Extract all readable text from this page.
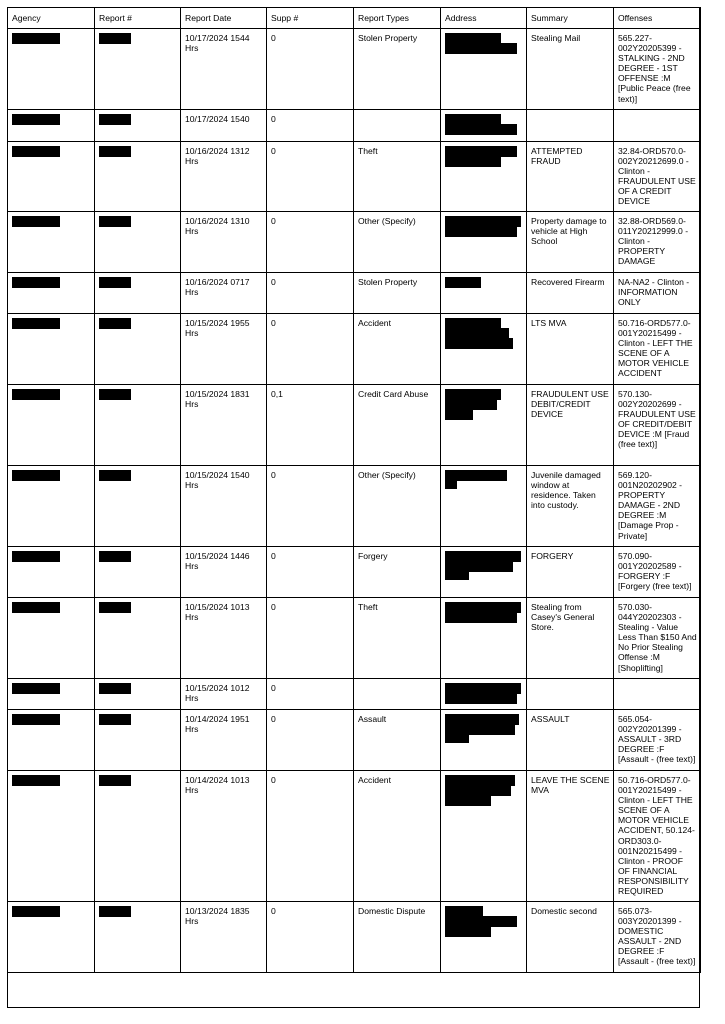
Agency	Report #	Report Date	Supp #	Report Types	Address	Summary	Offenses

	10/17/2024 1544 Hrs	0	Stolen Property		Stealing Mail	565.227-002Y20205399 - STALKING - 2ND DEGREE - 1ST OFFENSE :M [Public Peace (free text)]

	10/17/2024 1540	0		

	10/16/2024 1312 Hrs	0	Theft		ATTEMPTED FRAUD	32.84-ORD570.0-002Y20212699.0 - Clinton - FRAUDULENT USE OF A CREDIT DEVICE

	10/16/2024 1310 Hrs	0	Other (Specify)		Property damage to vehicle at High School	32.88-ORD569.0-011Y20212999.0 - Clinton - PROPERTY DAMAGE

	10/16/2024 0717 Hrs	0	Stolen Property		Recovered Firearm	NA-NA2 - Clinton - INFORMATION ONLY

	10/15/2024 1955 Hrs	0	Accident		LTS MVA	50.716-ORD577.0-001Y20215499 - Clinton - LEFT THE SCENE OF A MOTOR VEHICLE ACCIDENT

	10/15/2024 1831 Hrs	0,1	Credit Card Abuse		FRAUDULENT USE DEBIT/CREDIT DEVICE	570.130-002Y20202699 - FRAUDULENT USE OF CREDIT/DEBIT DEVICE :M [Fraud (free text)]

	10/15/2024 1540 Hrs	0	Other (Specify)		Juvenile damaged window at residence. Taken into custody.	569.120-001N20202902 - PROPERTY DAMAGE - 2ND DEGREE :M [Damage Prop - Private]

	10/15/2024 1446 Hrs	0	Forgery		FORGERY	570.090-001Y20202589 - FORGERY :F [Forgery (free text)]

	10/15/2024 1013 Hrs	0	Theft		Stealing from Casey's General Store.	570.030-044Y20202303 - Stealing - Value Less Than $150 And No Prior Stealing Offense :M [Shoplifting]

	10/15/2024 1012 Hrs	0		

	10/14/2024 1951 Hrs	0	Assault		ASSAULT	565.054-002Y20201399 - ASSAULT - 3RD DEGREE :F [Assault - (free text)]

	10/14/2024 1013 Hrs	0	Accident		LEAVE THE SCENE MVA	50.716-ORD577.0-001Y20215499 - Clinton - LEFT THE SCENE OF A MOTOR VEHICLE ACCIDENT, 50.124-ORD303.0-001N20215499 - Clinton - PROOF OF FINANCIAL RESPONSIBILITY REQUIRED

	10/13/2024 1835 Hrs	0	Domestic Dispute		Domestic second	565.073-003Y20201399 - DOMESTIC ASSAULT - 2ND DEGREE :F [Assault - (free text)]
